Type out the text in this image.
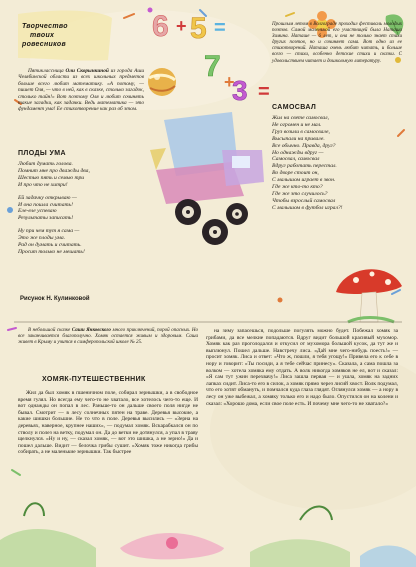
6 + 5 =
7 +
3 =
Творчество
твоих
ровесников
Пятиклассница Оли Скорынкиной из города Аши Челябинской области из всех школьных предметов больше всего любит математику. «А потому, — пишет Оля, — что в ней, как в сказке, столько загадок, столько тайн!» Вот поэтому Оля и любит сочинять такие загадки, как задачки. Ведь математика — это фундамент ума! Ее стихотворение как раз об этом.
ПЛОДЫ УМА
Любит думать голова.
Помнит мне про дважды два,
Шестью пять и семью три
И про что не хитри!
Ей задачку открываю —
И она пошла считать!
Еле-еле успеваю
Результаты записать!
Ну при чем тут я сама —
Это же плоды ума.
Рад он думать и считать.
Просит только не мешать!
Рисунок Н. Кулинковой
Прошлым летом в Волгограде проходил фестиваль молодых поэтов. Самой маленькой его участницей была Наташа Зимина. Наташе — 6 лет, и она не только знает стихи других поэтов, но и сочиняет сама. Вот одно из ее стихотворений. Наташа очень любит читать, и больше всего — стихи, особенно детские стихи и сказки. С удовольствием читает и дошкольную литературу.
САМОСВАЛ
Жил на свете самосвал,
Не огромен и не мал.
Груз возили в самосвале,
Высыпали на привале.
Все обычно. Правда, друг?
Но однажды вдруг —
Самосвал, самосвал
Вдруг работать перестал.
Во дворе стоит он,
С малышом играет в звон.
Где же кто-то кто?
Где же это случилось?
Чтобы взрослый самосвал
С малышом в футбол играл?!
В небольшой сказке Саши Янковского много приключений, порой опасных. Но все заканчивается благополучно. Хомяк остается живым и здоровым. Саша живет в Крыму и учится в симферопольской школе № 25.
ХОМЯК-ПУТЕШЕСТВЕННИК
Жил да был хомяк в пшеничном поле, собирал зернышки, а в свободное время гулял. Но всегда ему чего-то не хватало, все хотелось чего-то еще. И вот однажды он попал в лес. Раньше-то он дальше своего поля нигде не бывал. Смотрит — в лесу солнечных пятен на траве. Деревья высокие, а какие шишки большие. Не то что в поле. Деревья высились — «Зерна на деревьях, наверное, крупнее наших», — подумал хомяк. Вскарабкался он по стволу и полез на ветку, подумал он. Да до ветки не дотянулся, а упал в траву щелкнулся. «Ну и ну, — сказал хомяк, — вот это шишка, а не зерно!» Да и пошел дальше. Видит — белочка грибы сушит. «Хомяк тоже никогда грибы собирать, а не маленькие зернышки. Так быстрее
на зиму запасешься, подольше погулять можно будет. Побежал хомяк за грибами, да все мелкие попадаются. Вдруг видит большой красивый мухомор. Хомяк как раз проголодался и откусил от мухомора большой кусок, да тут же и выплюнул. Пошел дальше. Навстречу лиса. «Дай мне чего-нибудь поесть!» — просит хомяк. Лиса и ответ: «Что ж, пошли, я тебя угощу!» Привела его к себе в нору и говорит: «Ты посиди, а я тебе сейчас принесу». Сказала, а сама пошла за волком — хотела хомяка ему отдать. А волк никогда хомяков не ел, вот и сказал: «Я сам тут ужин перехвачу!» Лиса зашла первая — и ушла, хомяк на задних лапках сидит. Лиса-то его в силок, а хомяк прямо через лисий хвост. Волк подумал, что его хотят обмануть, и помчался куда глаза глядят. Оглянулся хомяк — а нору в лесу он уже выбежал, а хомяку только его и надо было. Опустился он на колени и сказал: «Хорошо дома, если свое поле есть. И почему мне чего-то не хватало?»
